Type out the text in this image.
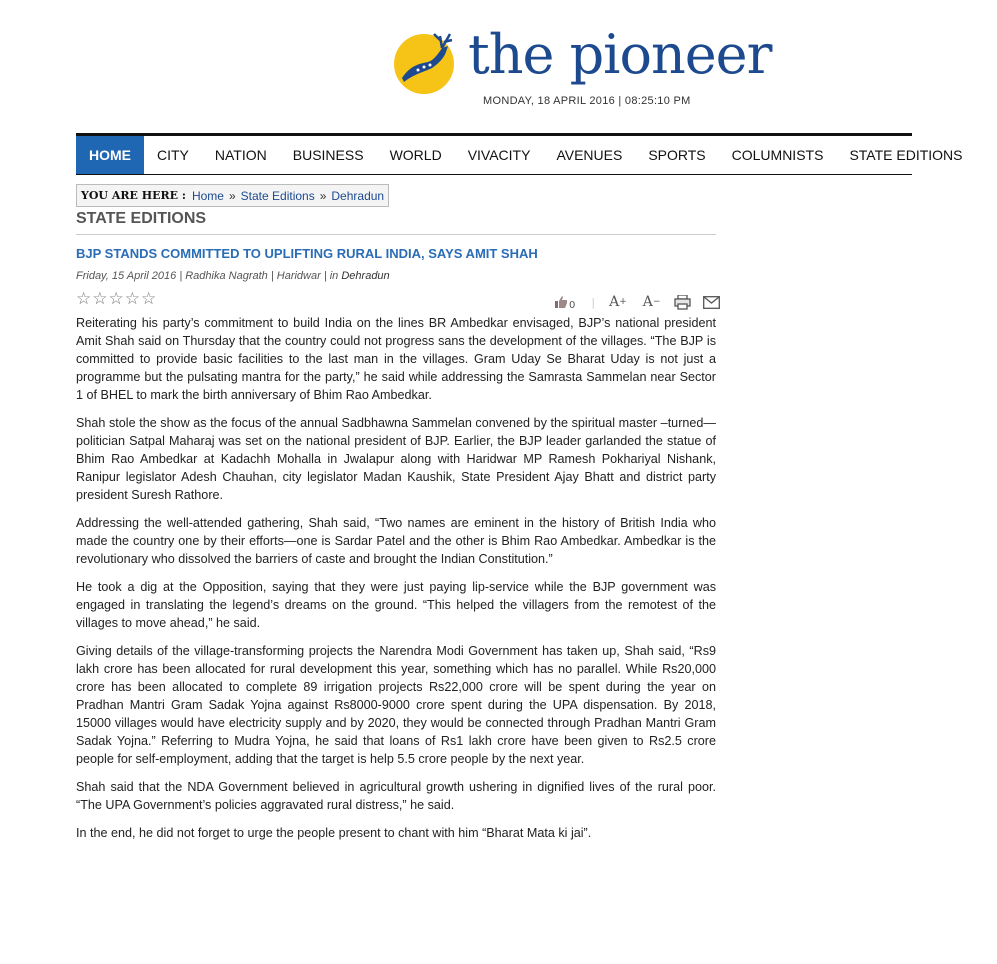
the pioneer
MONDAY, 18 APRIL 2016 | 08:25:10 PM
HOME	CITY	NATION	BUSINESS	WORLD	VIVACITY	AVENUES	SPORTS	COLUMNISTS	STATE EDITIONS
YOU ARE HERE : Home » State Editions » Dehradun
STATE EDITIONS
BJP STANDS COMMITTED TO UPLIFTING RURAL INDIA, SAYS AMIT SHAH
Friday, 15 April 2016 | Radhika Nagrath | Haridwar | in Dehradun
☆ ☆ ☆ ☆ ☆	0 | A + A −

Reiterating his party’s commitment to build India on the lines BR Ambedkar envisaged, BJP’s national president Amit Shah said on Thursday that the country could not progress sans the development of the villages. “The BJP is committed to provide basic facilities to the last man in the villages. Gram Uday Se Bharat Uday is not just a programme but the pulsating mantra for the party,” he said while addressing the Samrasta Sammelan near Sector 1 of BHEL to mark the birth anniversary of Bhim Rao Ambedkar.

Shah stole the show as the focus of the annual Sadbhawna Sammelan convened by the spiritual master –turned—politician Satpal Maharaj was set on the national president of BJP. Earlier, the BJP leader garlanded the statue of Bhim Rao Ambedkar at Kadachh Mohalla in Jwalapur along with Haridwar MP Ramesh Pokhariyal Nishank, Ranipur legislator Adesh Chauhan, city legislator Madan Kaushik, State President Ajay Bhatt and district party president Suresh Rathore.

Addressing the well-attended gathering, Shah said, “Two names are eminent in the history of British India who made the country one by their efforts—one is Sardar Patel and the other is Bhim Rao Ambedkar. Ambedkar is the revolutionary who dissolved the barriers of caste and brought the Indian Constitution.”

He took a dig at the Opposition, saying that they were just paying lip-service while the BJP government was engaged in translating the legend’s dreams on the ground. “This helped the villagers from the remotest of the villages to move ahead,” he said.

Giving details of the village-transforming projects the Narendra Modi Government has taken up, Shah said, “Rs9 lakh crore has been allocated for rural development this year, something which has no parallel. While Rs20,000 crore has been allocated to complete 89 irrigation projects Rs22,000 crore will be spent during the year on Pradhan Mantri Gram Sadak Yojna against Rs8000-9000 crore spent during the UPA dispensation. By 2018, 15000 villages would have electricity supply and by 2020, they would be connected through Pradhan Mantri Gram Sadak Yojna.” Referring to Mudra Yojna, he said that loans of Rs1 lakh crore have been given to Rs2.5 crore people for self-employment, adding that the target is help 5.5 crore people by the next year.

Shah said that the NDA Government believed in agricultural growth ushering in dignified lives of the rural poor. “The UPA Government’s policies aggravated rural distress,” he said.

In the end, he did not forget to urge the people present to chant with him “Bharat Mata ki jai”.
